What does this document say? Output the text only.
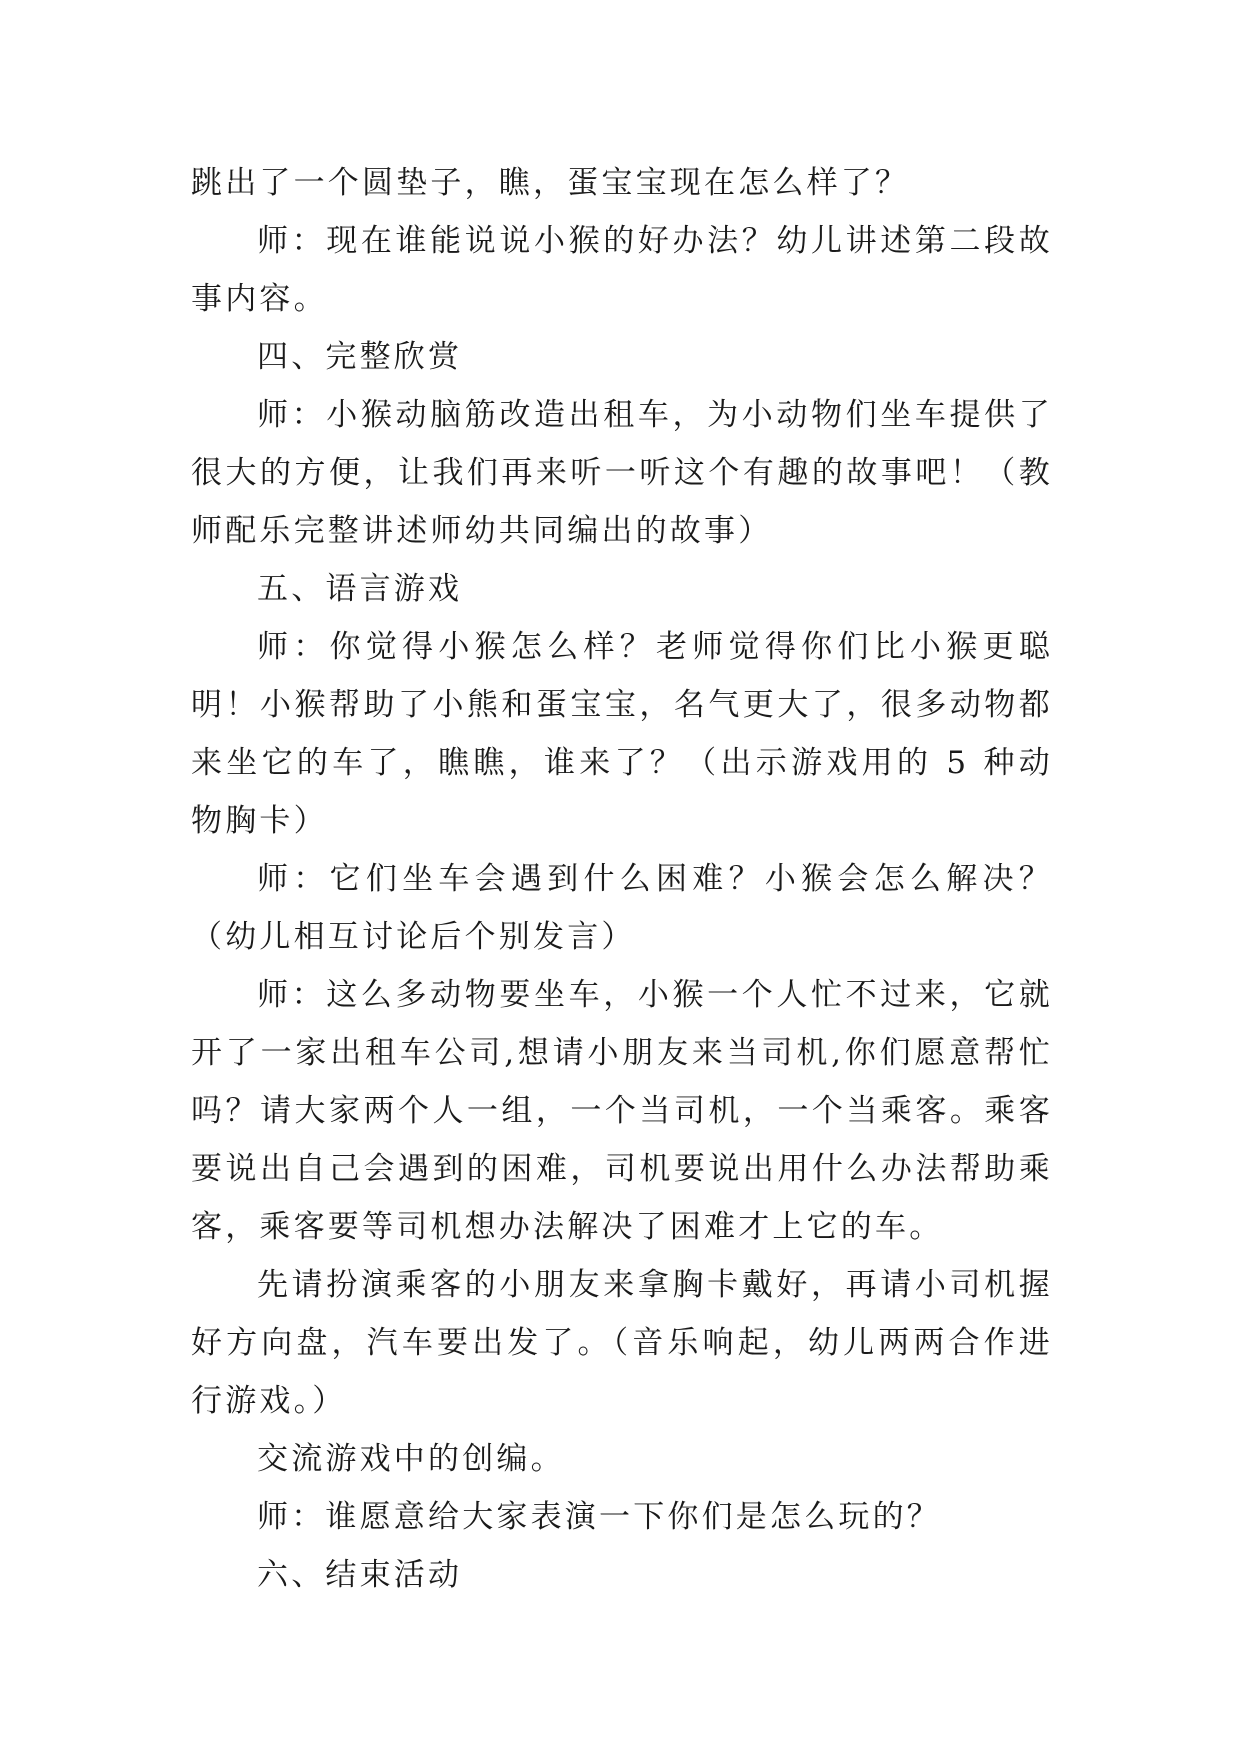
跳出了一个圆垫子，瞧，蛋宝宝现在怎么样了？

师：现在谁能说说小猴的好办法？幼儿讲述第二段故事内容。

四、完整欣赏

师：小猴动脑筋改造出租车，为小动物们坐车提供了很大的方便，让我们再来听一听这个有趣的故事吧！（教师配乐完整讲述师幼共同编出的故事）

五、语言游戏

师：你觉得小猴怎么样？老师觉得你们比小猴更聪明！小猴帮助了小熊和蛋宝宝，名气更大了，很多动物都来坐它的车了，瞧瞧，谁来了？（出示游戏用的 5 种动物胸卡）

师：它们坐车会遇到什么困难？小猴会怎么解决？（幼儿相互讨论后个别发言）

师：这么多动物要坐车，小猴一个人忙不过来，它就开了一家出租车公司,想请小朋友来当司机,你们愿意帮忙吗？请大家两个人一组，一个当司机，一个当乘客。乘客要说出自己会遇到的困难，司机要说出用什么办法帮助乘客，乘客要等司机想办法解决了困难才上它的车。

先请扮演乘客的小朋友来拿胸卡戴好，再请小司机握好方向盘，汽车要出发了。（音乐响起，幼儿两两合作进行游戏。）

交流游戏中的创编。

师：谁愿意给大家表演一下你们是怎么玩的？

六、结束活动
